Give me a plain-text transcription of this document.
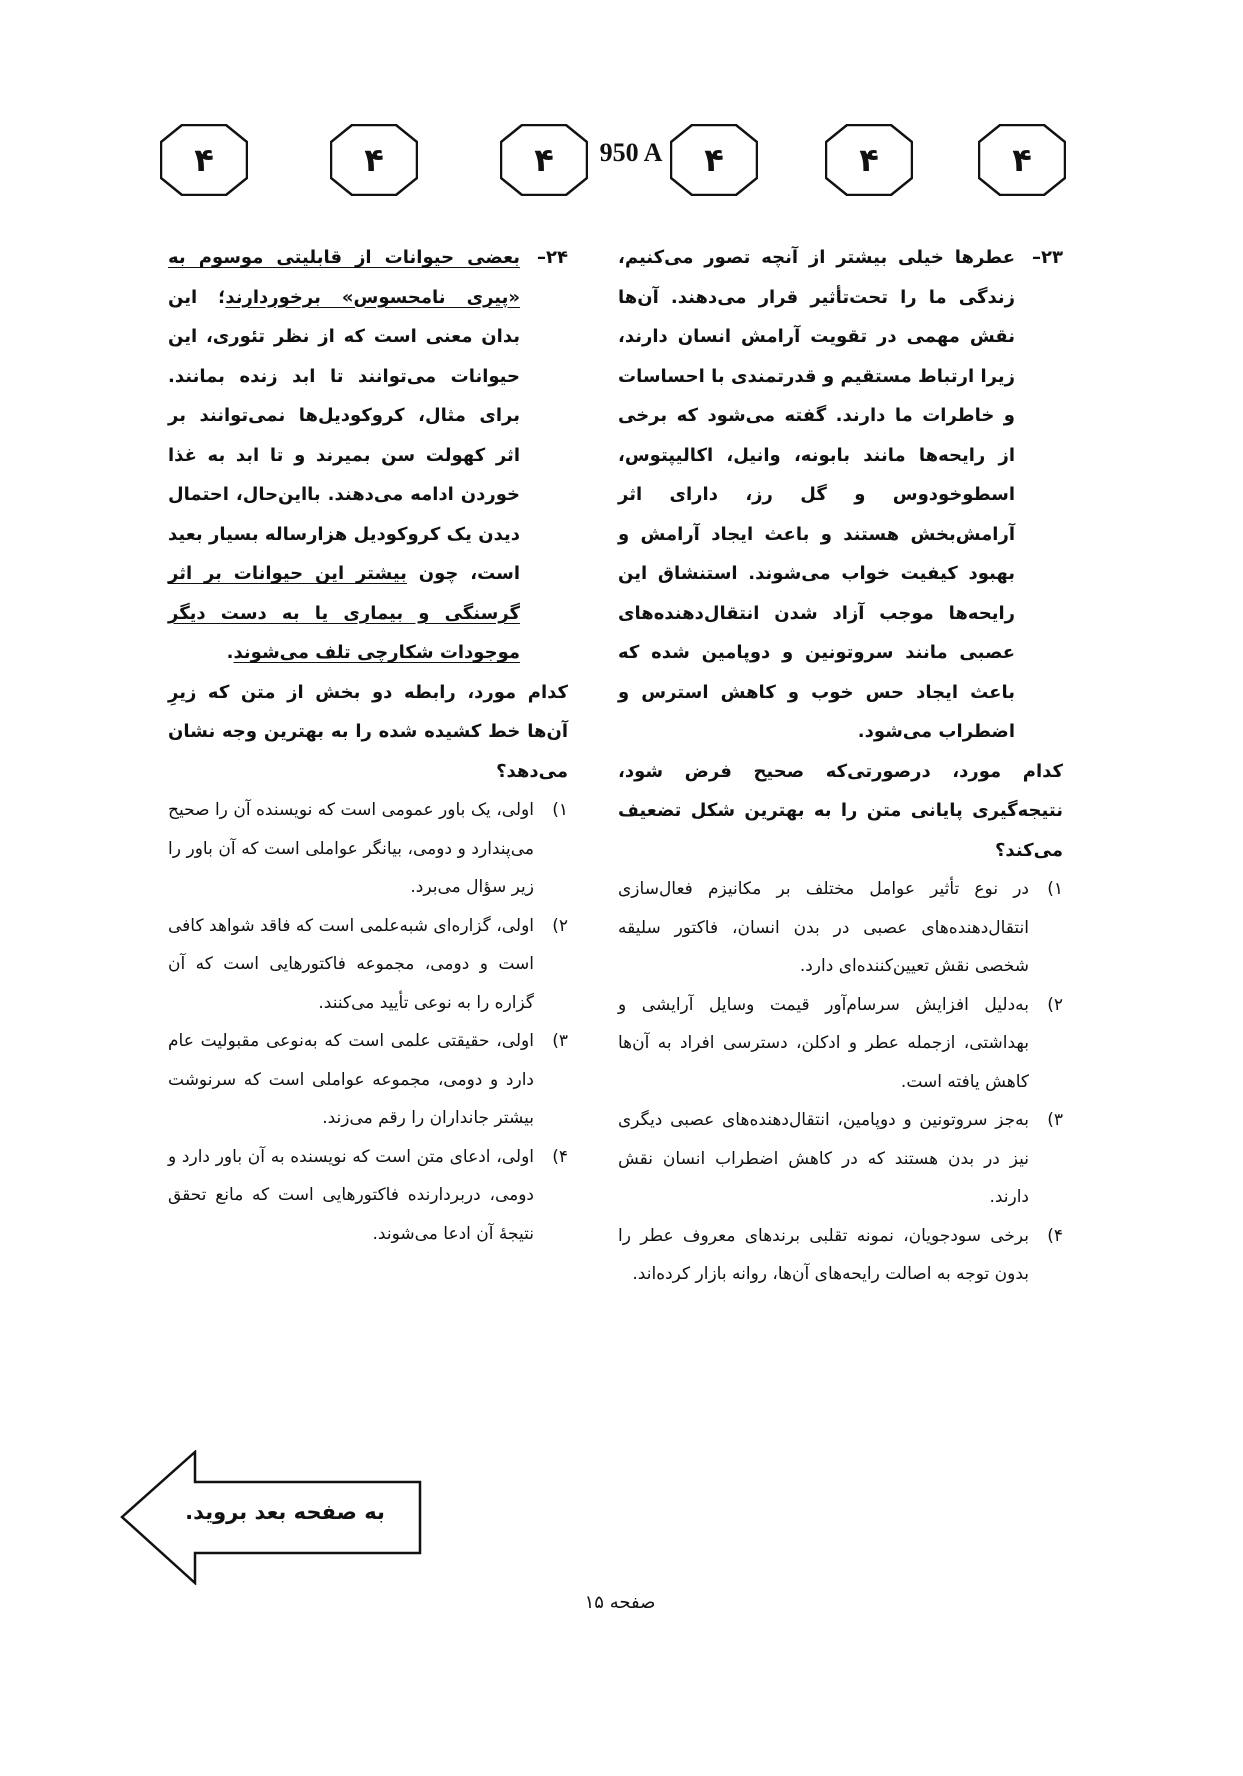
۴	۴	۴ 950 A ۴	۴	۴
۲۳–
عطرها خیلی بیشتر از آنچه تصور می‌کنیم، زندگی ما را تحت‌تأثیر قرار می‌دهند. آن‌ها نقش مهمی در تقویت آرامش انسان دارند، زیرا ارتباط مستقیم و قدرتمندی با احساسات و خاطرات ما دارند. گفته می‌شود که برخی از رایحه‌ها مانند بابونه، وانیل، اکالیپتوس، اسطوخودوس و گل رز، دارای اثر آرامش‌بخش هستند و باعث ایجاد آرامش و بهبود کیفیت خواب می‌شوند. استنشاق این رایحه‌ها موجب آزاد شدن انتقال‌دهنده‌های عصبی مانند سروتونین و دوپامین شده که باعث ایجاد حس خوب و کاهش استرس و اضطراب می‌شود.
کدام مورد، درصورتی‌که صحیح فرض شود، نتیجه‌گیری پایانی متن را به بهترین شکل تضعیف می‌کند؟
۱)
در نوع تأثیر عوامل مختلف بر مکانیزم فعال‌سازی انتقال‌دهنده‌های عصبی در بدن انسان، فاکتور سلیقه شخصی نقش تعیین‌کننده‌ای دارد.
۲)
به‌دلیل افزایش سرسام‌آور قیمت وسایل آرایشی و بهداشتی، ازجمله عطر و ادکلن، دسترسی افراد به آن‌ها کاهش یافته است.
۳)
به‌جز سروتونین و دوپامین، انتقال‌دهنده‌های عصبی دیگری نیز در بدن هستند که در کاهش اضطراب انسان نقش دارند.
۴)
برخی سودجویان، نمونه تقلبی برندهای معروف عطر را بدون توجه به اصالت رایحه‌های آن‌ها، روانه بازار کرده‌اند.
۲۴–
بعضی حیوانات از قابلیتی موسوم به «پیری نامحسوس» برخوردارند؛ این بدان معنی است که از نظر تئوری، این حیوانات می‌توانند تا ابد زنده بمانند. برای مثال، کروکودیل‌ها نمی‌توانند بر اثر کهولت سن بمیرند و تا ابد به غذا خوردن ادامه می‌دهند. بااین‌حال، احتمال دیدن یک کروکودیل هزارساله بسیار بعید است، چون بیشتر این حیوانات بر اثر گرسنگی و بیماری یا به دست دیگر موجودات شکارچی تلف می‌شوند.
کدام مورد، رابطه دو بخش از متن که زیرِ آن‌ها خط کشیده شده را به بهترین وجه نشان می‌دهد؟
۱)
اولی، یک باور عمومی است که نویسنده آن را صحیح می‌پندارد و دومی، بیانگر عواملی است که آن باور را زیر سؤال می‌برد.
۲)
اولی، گزاره‌ای شبه‌علمی است که فاقد شواهد کافی است و دومی، مجموعه فاکتورهایی است که آن گزاره را به نوعی تأیید می‌کنند.
۳)
اولی، حقیقتی علمی است که به‌نوعی مقبولیت عام دارد و دومی، مجموعه عواملی است که سرنوشت بیشتر جانداران را رقم می‌زند.
۴)
اولی، ادعای متن است که نویسنده به آن باور دارد و دومی، دربردارنده فاکتورهایی است که مانع تحقق نتیجهٔ آن ادعا می‌شوند.
به صفحه بعد بروید.
صفحه ۱۵
